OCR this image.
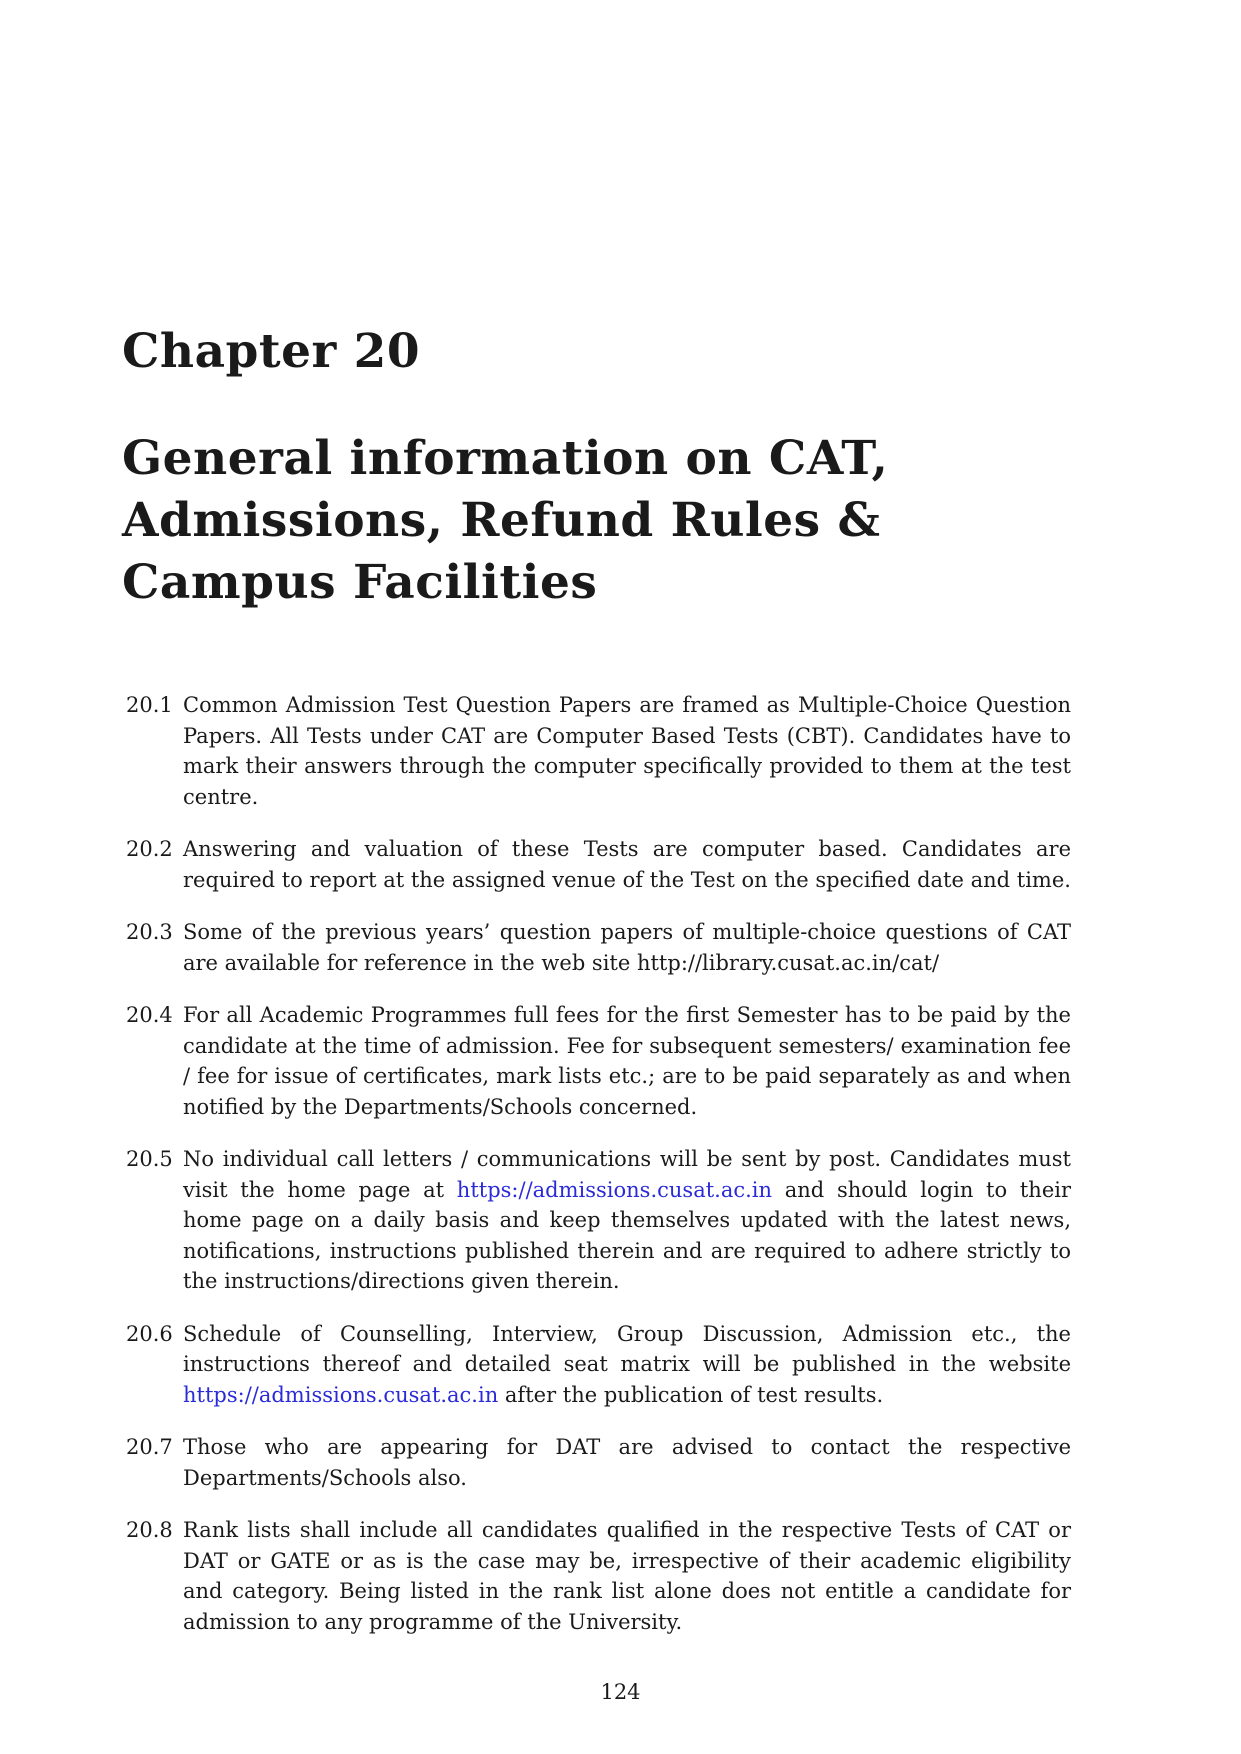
Chapter 20
General information on CAT,
Admissions, Refund Rules &
Campus Facilities
20.1 Common Admission Test Question Papers are framed as Multiple-Choice Question Papers. All Tests under CAT are Computer Based Tests (CBT). Candidates have to mark their answers through the computer specifically provided to them at the test centre.
20.2 Answering and valuation of these Tests are computer based. Candidates are required to report at the assigned venue of the Test on the specified date and time.
20.3 Some of the previous years’ question papers of multiple-choice questions of CAT are available for reference in the web site http://library.cusat.ac.in/cat/
20.4 For all Academic Programmes full fees for the first Semester has to be paid by the candidate at the time of admission. Fee for subsequent semesters/ examination fee / fee for issue of certificates, mark lists etc.; are to be paid separately as and when notified by the Departments/Schools concerned.
20.5 No individual call letters / communications will be sent by post. Candidates must visit the home page at https://admissions.cusat.ac.in and should login to their home page on a daily basis and keep themselves updated with the latest news, notifications, instructions published therein and are required to adhere strictly to the instructions/directions given therein.
20.6 Schedule of Counselling, Interview, Group Discussion, Admission etc., the instructions thereof and detailed seat matrix will be published in the website https://admissions.cusat.ac.in after the publication of test results.
20.7 Those who are appearing for DAT are advised to contact the respective Departments/Schools also.
20.8 Rank lists shall include all candidates qualified in the respective Tests of CAT or DAT or GATE or as is the case may be, irrespective of their academic eligibility and category. Being listed in the rank list alone does not entitle a candidate for admission to any programme of the University.
124
